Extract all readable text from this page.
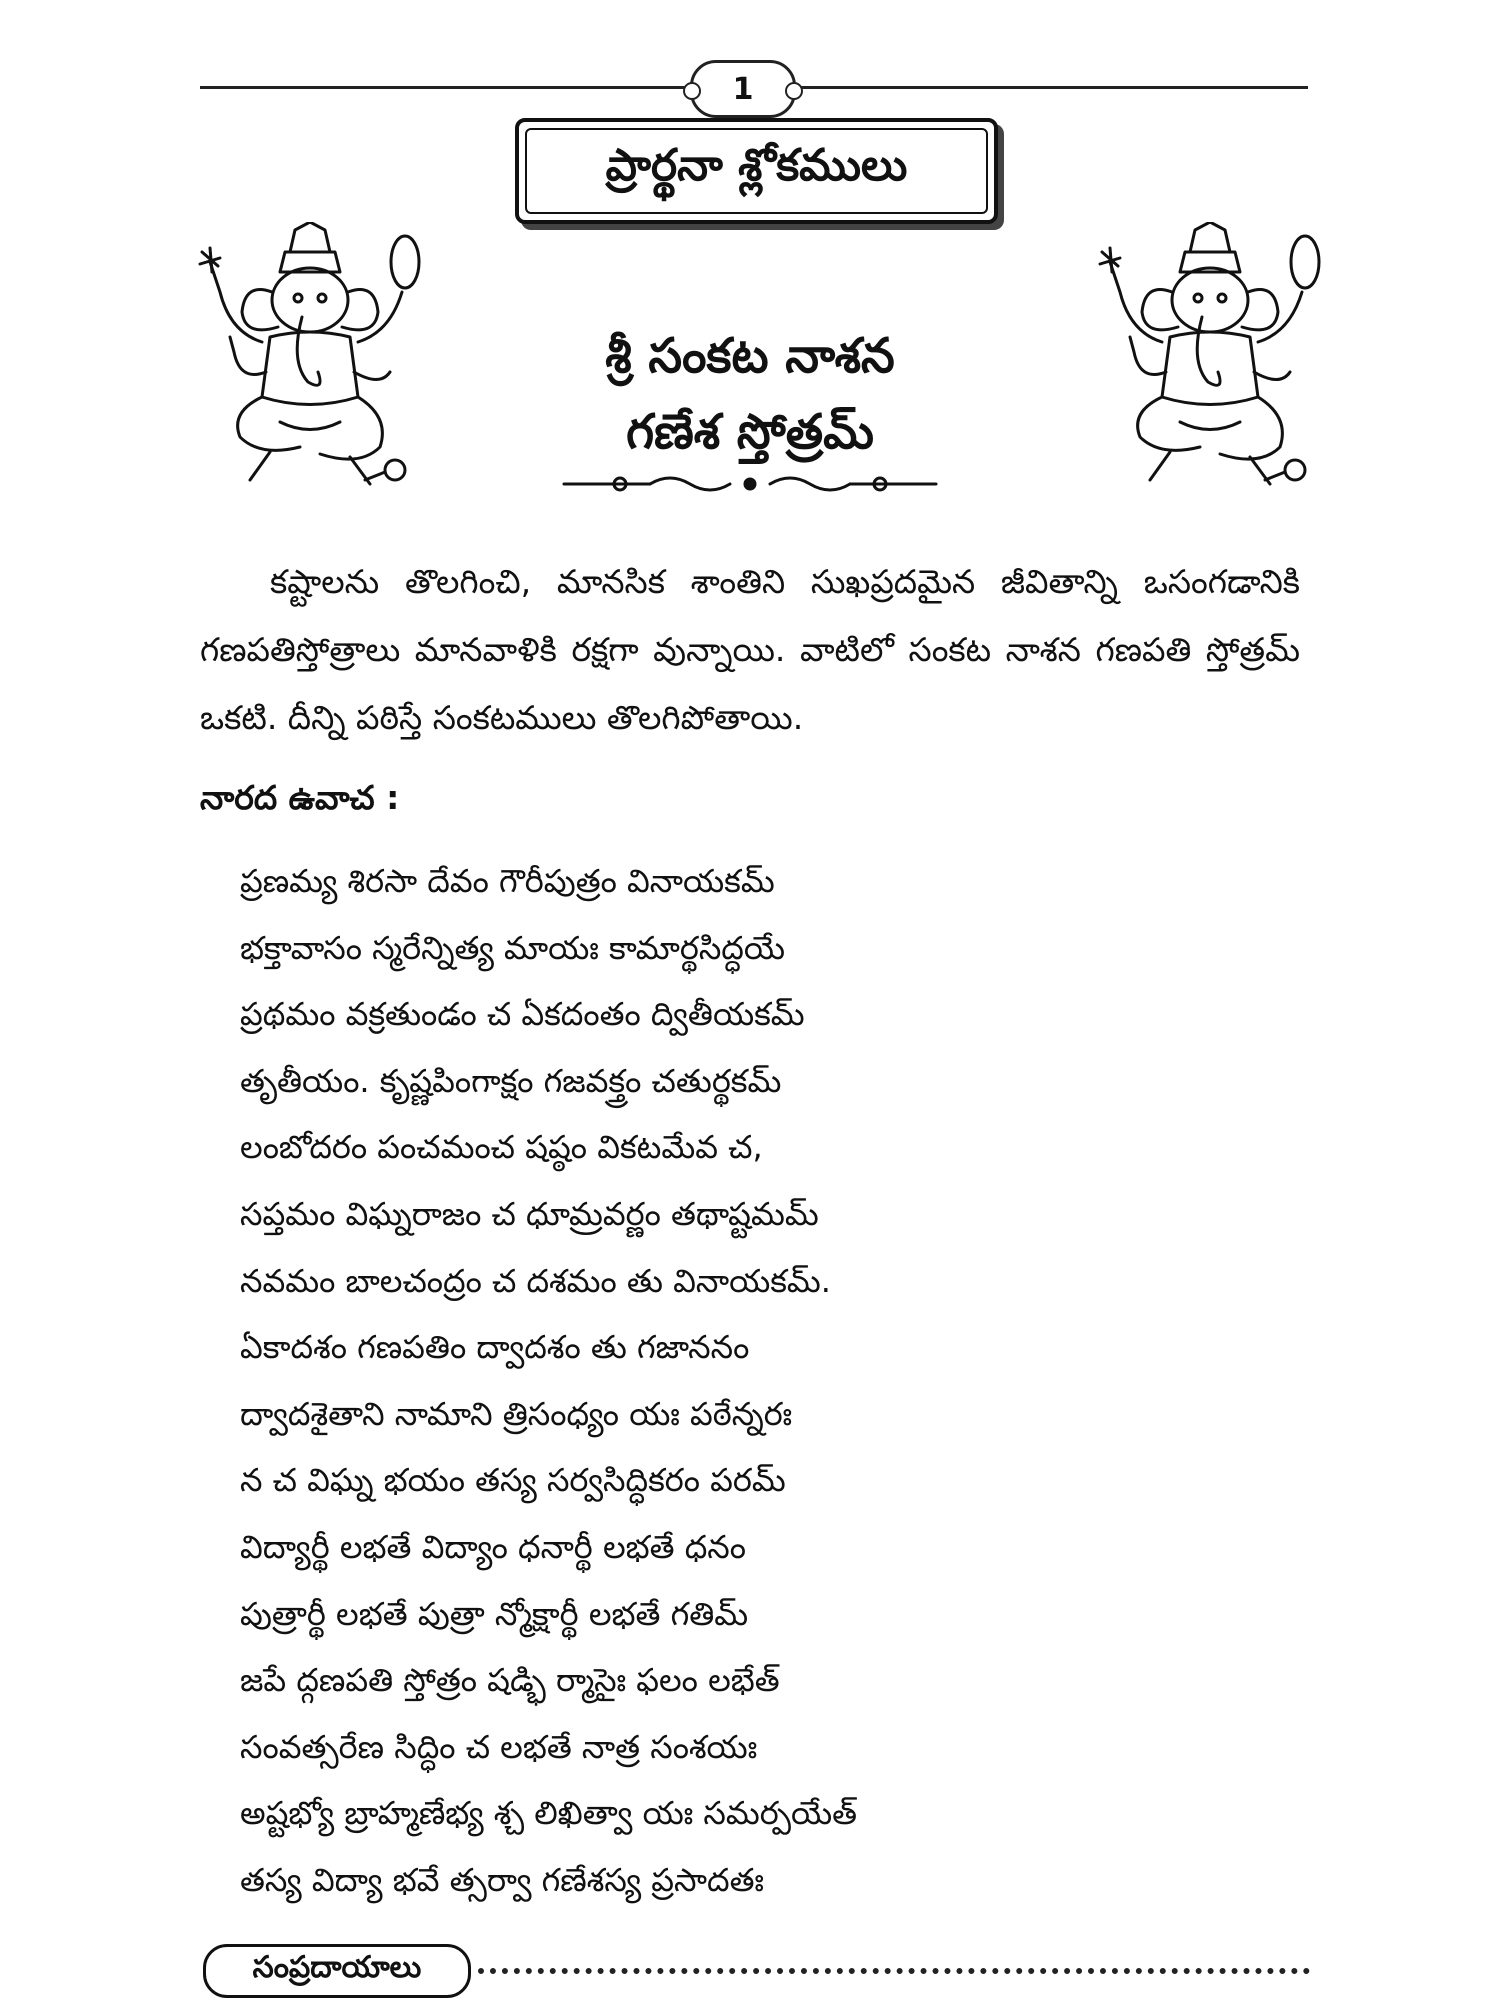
1
ప్రార్థనా శ్లోకములు
శ్రీ సంకట నాశన
గణేశ స్తోత్రమ్

కష్టాలను తొలగించి, మానసిక శాంతిని సుఖప్రదమైన జీవితాన్ని ఒసంగడానికి గణపతిస్తోత్రాలు మానవాళికి రక్షగా వున్నాయి. వాటిలో సంకట నాశన గణపతి స్తోత్రమ్ ఒకటి. దీన్ని పఠిస్తే సంకటములు తొలగిపోతాయి.

నారద ఉవాచ :
ప్రణమ్య శిరసా దేవం గౌరీపుత్రం వినాయకమ్
భక్తావాసం స్మరేన్నిత్య మాయః కామార్థసిద్ధయే
ప్రథమం వక్రతుండం చ ఏకదంతం ద్వితీయకమ్
తృతీయం. కృష్ణపింగాక్షం గజవక్త్రం చతుర్థకమ్
లంబోదరం పంచమంచ షష్ఠం వికటమేవ చ,
సప్తమం విఘ్నరాజం చ ధూమ్రవర్ణం తథాష్టమమ్
నవమం బాలచంద్రం చ దశమం తు వినాయకమ్.
ఏకాదశం గణపతిం ద్వాదశం తు గజాననం
ద్వాదశైతాని నామాని త్రిసంధ్యం యః పఠేన్నరః
న చ విఘ్న భయం తస్య సర్వసిద్ధికరం పరమ్
విద్యార్థీ లభతే విద్యాం ధనార్థీ లభతే ధనం
పుత్రార్థీ లభతే పుత్రా న్మోక్షార్థీ లభతే గతిమ్
జపే ద్గణపతి స్తోత్రం షడ్భి ర్మాసైః ఫలం లభేత్
సంవత్సరేణ సిద్ధిం చ లభతే నాత్ర సంశయః
అష్టభ్యో బ్రాహ్మణేభ్య శ్చ లిఖిత్వా యః సమర్పయేత్
తస్య విద్యా భవే త్సర్వా గణేశస్య ప్రసాదతః
సంప్రదాయాలు
